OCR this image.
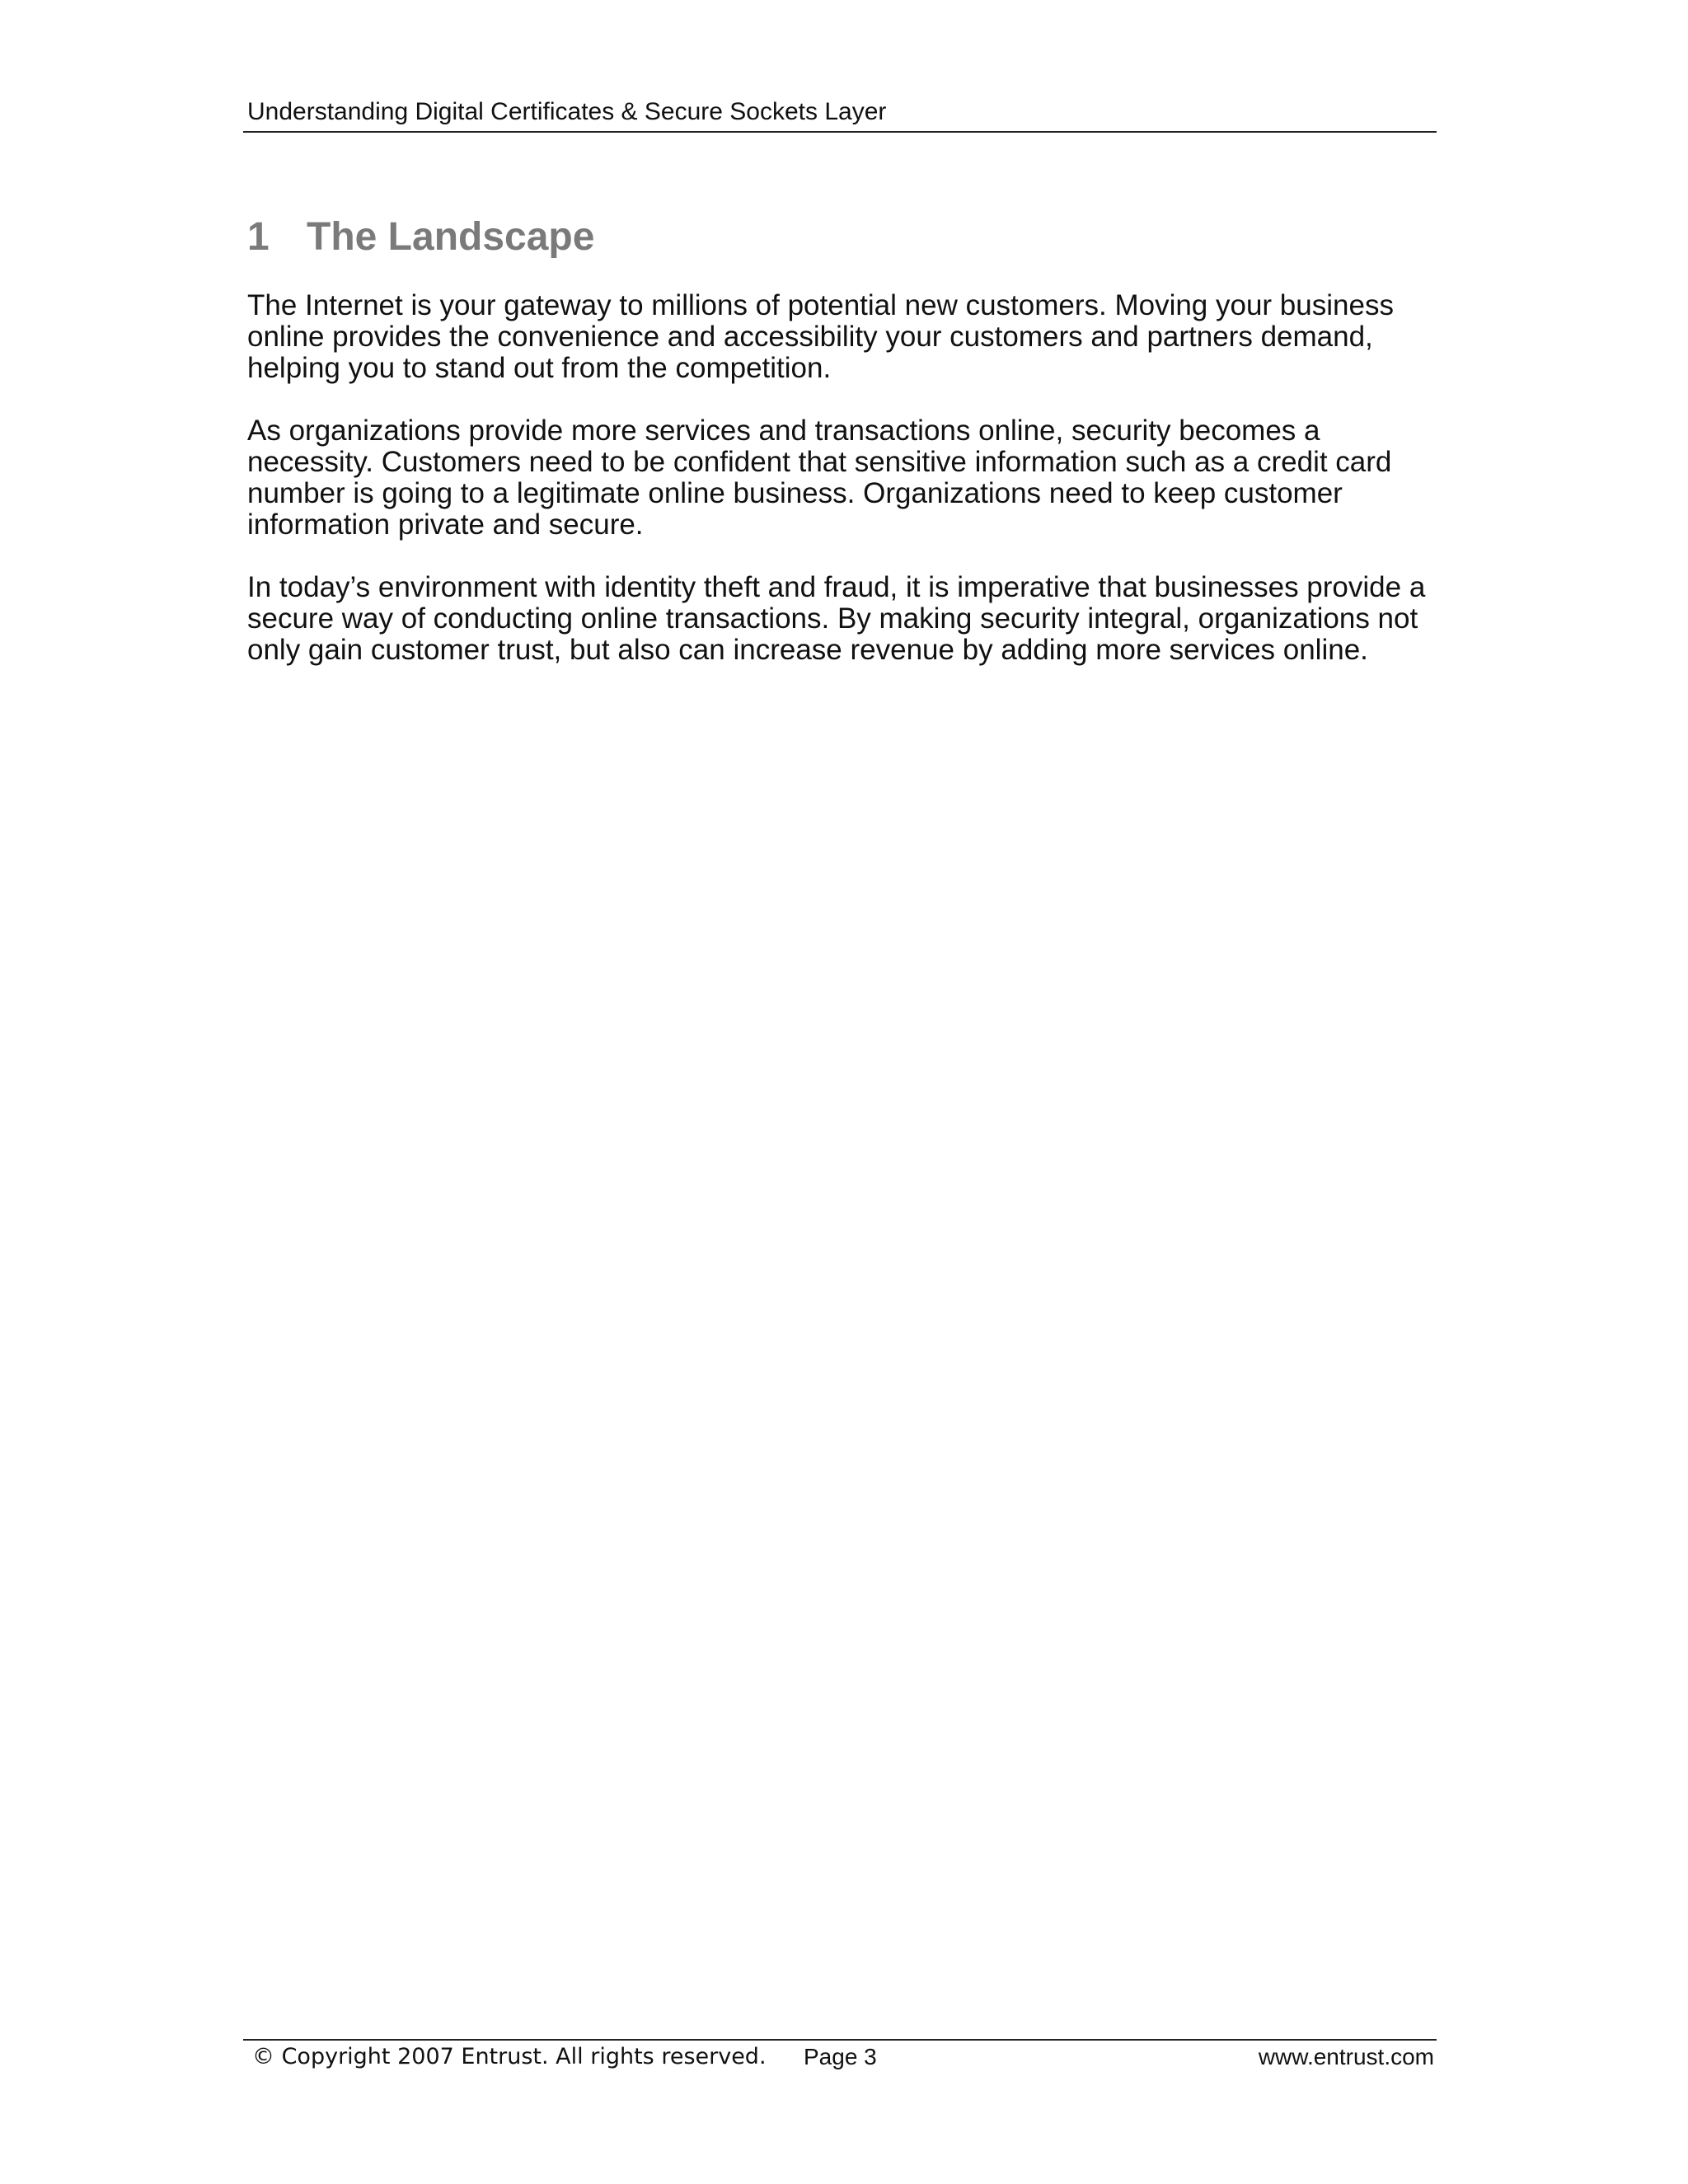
Understanding Digital Certificates & Secure Sockets Layer
1 The Landscape

The Internet is your gateway to millions of potential new customers. Moving your business online provides the convenience and accessibility your customers and partners demand, helping you to stand out from the competition.

As organizations provide more services and transactions online, security becomes a necessity. Customers need to be confident that sensitive information such as a credit card number is going to a legitimate online business. Organizations need to keep customer information private and secure.

In today’s environment with identity theft and fraud, it is imperative that businesses provide a secure way of conducting online transactions. By making security integral, organizations not only gain customer trust, but also can increase revenue by adding more services online.

© Copyright 2007 Entrust. All rights reserved. Page 3	www.entrust.com
